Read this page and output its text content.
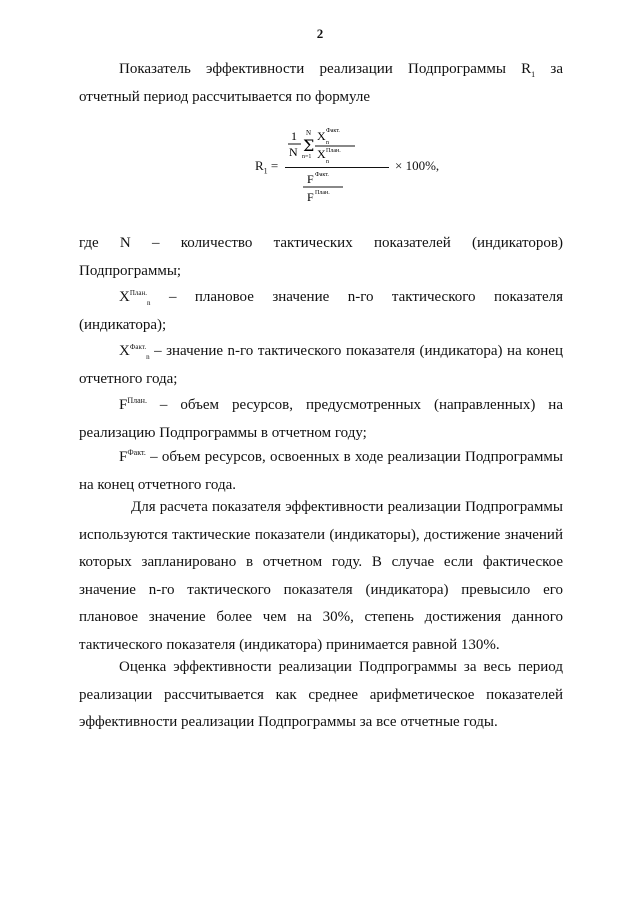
2

Показатель эффективности реализации Подпрограммы $R_1$ за отчетный период рассчитывается по формуле

$R_1$ =
1
N
N
Σ
n=1
X Факт.
n
X План.
n
F Факт.
F План.
× 100%,

где N – количество тактических показателей (индикаторов) Подпрограммы;

$X^{План.}_n$ – плановое значение n-го тактического показателя (индикатора);

$X^{Факт.}_n$ – значение n-го тактического показателя (индикатора) на конец отчетного года;

$F^{План.}$ – объем ресурсов, предусмотренных (направленных) на реализацию Подпрограммы в отчетном году;

$F^{Факт.}$ – объем ресурсов, освоенных в ходе реализации Подпрограммы на конец отчетного года.

Для расчета показателя эффективности реализации Подпрограммы используются тактические показатели (индикаторы), достижение значений которых запланировано в отчетном году. В случае если фактическое значение n-го тактического показателя (индикатора) превысило его плановое значение более чем на 30%, степень достижения данного тактического показателя (индикатора) принимается равной 130%.

Оценка эффективности реализации Подпрограммы за весь период реализации рассчитывается как среднее арифметическое показателей эффективности реализации Подпрограммы за все отчетные годы.
